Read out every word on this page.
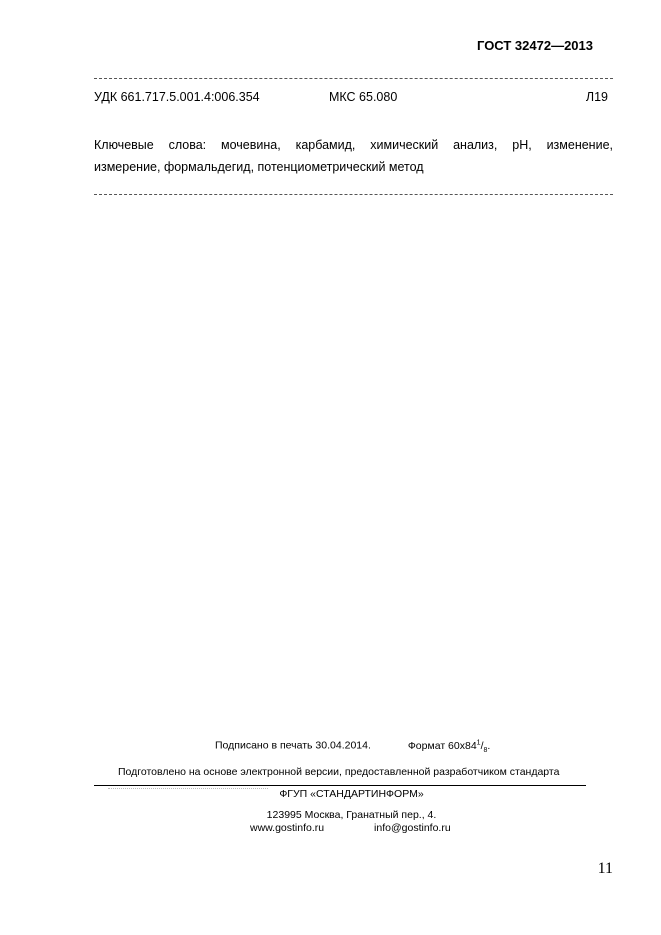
ГОСТ 32472—2013
УДК 661.717.5.001.4:006.354	МКС 65.080	Л19
Ключевые слова: мочевина, карбамид, химический анализ, рН, изменение,
измерение, формальдегид, потенциометрический метод
Подписано в печать 30.04.2014.	Формат $60х84^1/_8$.
Подготовлено на основе электронной версии, предоставленной разработчиком стандарта
ФГУП «СТАНДАРТИНФОРМ»
123995 Москва, Гранатный пер., 4.
www.gostinfo.ru	info@gostinfo.ru
11
